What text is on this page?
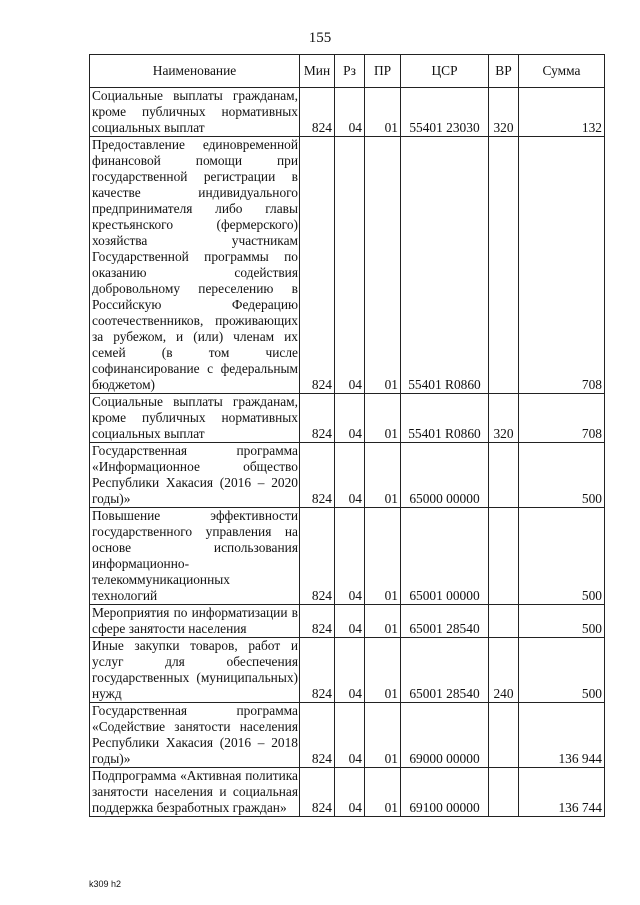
155
Наименование	Мин	Рз	ПР	ЦСР	ВР	Сумма
Социальные выплаты гражданам, кроме публичных нормативных социальных выплат	824	04	01	55401 23030	320	132
Предоставление единовременной финансовой помощи при государственной регистрации в качестве индивидуального предпринимателя либо главы крестьянского (фермерского) хозяйства участникам Государственной программы по оказанию содействия добровольному переселению в Российскую Федерацию соотечественников, проживающих за рубежом, и (или) членам их семей (в том числе софинансирование с федеральным бюджетом)	824	04	01	55401 R0860		708
Социальные выплаты гражданам, кроме публичных нормативных социальных выплат	824	04	01	55401 R0860	320	708
Государственная программа «Информационное общество Республики Хакасия (2016 – 2020 годы)»	824	04	01	65000 00000		500
Повышение эффективности государственного управления на основе использования информационно-телекоммуникационных технологий	824	04	01	65001 00000		500
Мероприятия по информатизации в сфере занятости населения	824	04	01	65001 28540		500
Иные закупки товаров, работ и услуг для обеспечения государственных (муниципальных) нужд	824	04	01	65001 28540	240	500
Государственная программа «Содействие занятости населения Республики Хакасия (2016 – 2018 годы)»	824	04	01	69000 00000		136 944
Подпрограмма «Активная политика занятости населения и социальная поддержка безработных граждан»	824	04	01	69100 00000		136 744
k309 h2
